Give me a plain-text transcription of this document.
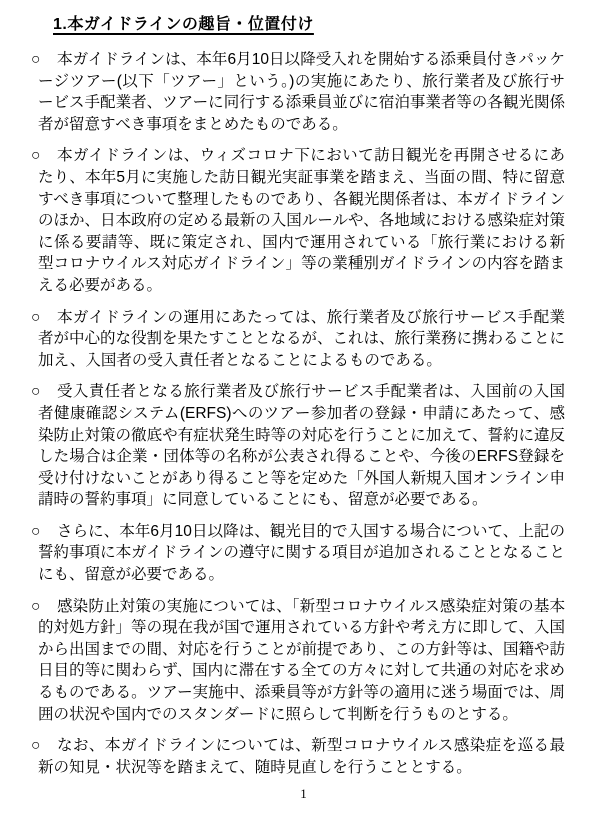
1.本ガイドラインの趣旨・位置付け
○ 本ガイドラインは、本年6月10日以降受入れを開始する添乗員付きパッケージツアー(以下「ツアー」という。)の実施にあたり、旅行業者及び旅行サービス手配業者、ツアーに同行する添乗員並びに宿泊事業者等の各観光関係者が留意すべき事項をまとめたものである。
○ 本ガイドラインは、ウィズコロナ下において訪日観光を再開させるにあたり、本年5月に実施した訪日観光実証事業を踏まえ、当面の間、特に留意すべき事項について整理したものであり、各観光関係者は、本ガイドラインのほか、日本政府の定める最新の入国ルールや、各地域における感染症対策に係る要請等、既に策定され、国内で運用されている「旅行業における新型コロナウイルス対応ガイドライン」等の業種別ガイドラインの内容を踏まえる必要がある。
○ 本ガイドラインの運用にあたっては、旅行業者及び旅行サービス手配業者が中心的な役割を果たすこととなるが、これは、旅行業務に携わることに加え、入国者の受入責任者となることによるものである。
○ 受入責任者となる旅行業者及び旅行サービス手配業者は、入国前の入国者健康確認システム(ERFS)へのツアー参加者の登録・申請にあたって、感染防止対策の徹底や有症状発生時等の対応を行うことに加えて、誓約に違反した場合は企業・団体等の名称が公表され得ることや、今後のERFS登録を受け付けないことがあり得ること等を定めた「外国人新規入国オンライン申請時の誓約事項」に同意していることにも、留意が必要である。
○ さらに、本年6月10日以降は、観光目的で入国する場合について、上記の誓約事項に本ガイドラインの遵守に関する項目が追加されることとなることにも、留意が必要である。
○ 感染防止対策の実施については、「新型コロナウイルス感染症対策の基本的対処方針」等の現在我が国で運用されている方針や考え方に即して、入国から出国までの間、対応を行うことが前提であり、この方針等は、国籍や訪日目的等に関わらず、国内に滞在する全ての方々に対して共通の対応を求めるものである。ツアー実施中、添乗員等が方針等の適用に迷う場面では、周囲の状況や国内でのスタンダードに照らして判断を行うものとする。
○ なお、本ガイドラインについては、新型コロナウイルス感染症を巡る最新の知見・状況等を踏まえて、随時見直しを行うこととする。
1
